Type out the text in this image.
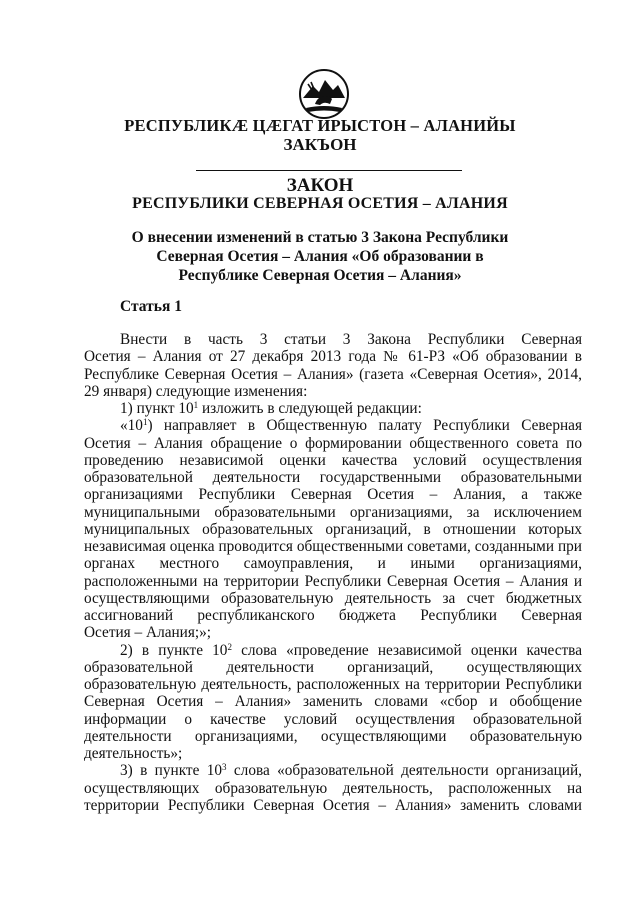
РЕСПУБЛИКӔ ЦӔГАТ ИРЫСТОН – АЛАНИЙЫ
ЗАКЪОН
ЗАКОН
РЕСПУБЛИКИ СЕВЕРНАЯ ОСЕТИЯ – АЛАНИЯ
О внесении изменений в статью 3 Закона Республики
Северная Осетия – Алания «Об образовании в
Республике Северная Осетия – Алания»
Статья 1

Внести в часть 3 статьи 3 Закона Республики Северная

Осетия – Алания от 27 декабря 2013 года № 61-РЗ «Об образовании в

Республике Северная Осетия – Алания» (газета «Северная Осетия», 2014,

29 января) следующие изменения:

1) пункт $10^1$ изложить в следующей редакции:

«$10^1$) направляет в Общественную палату Республики Северная

Осетия – Алания обращение о формировании общественного совета по

проведению независимой оценки качества условий осуществления

образовательной деятельности государственными образовательными

организациями Республики Северная Осетия – Алания, а также

муниципальными образовательными организациями, за исключением

муниципальных образовательных организаций, в отношении которых

независимая оценка проводится общественными советами, созданными при

органах местного самоуправления, и иными организациями,

расположенными на территории Республики Северная Осетия – Алания и

осуществляющими образовательную деятельность за счет бюджетных

ассигнований республиканского бюджета Республики Северная

Осетия – Алания;»;

2) в пункте $10^2$ слова «проведение независимой оценки качества

образовательной деятельности организаций, осуществляющих

образовательную деятельность, расположенных на территории Республики

Северная Осетия – Алания» заменить словами «сбор и обобщение

информации о качестве условий осуществления образовательной

деятельности организациями, осуществляющими образовательную

деятельность»;

3) в пункте $10^3$ слова «образовательной деятельности организаций,

осуществляющих образовательную деятельность, расположенных на

территории Республики Северная Осетия – Алания» заменить словами
